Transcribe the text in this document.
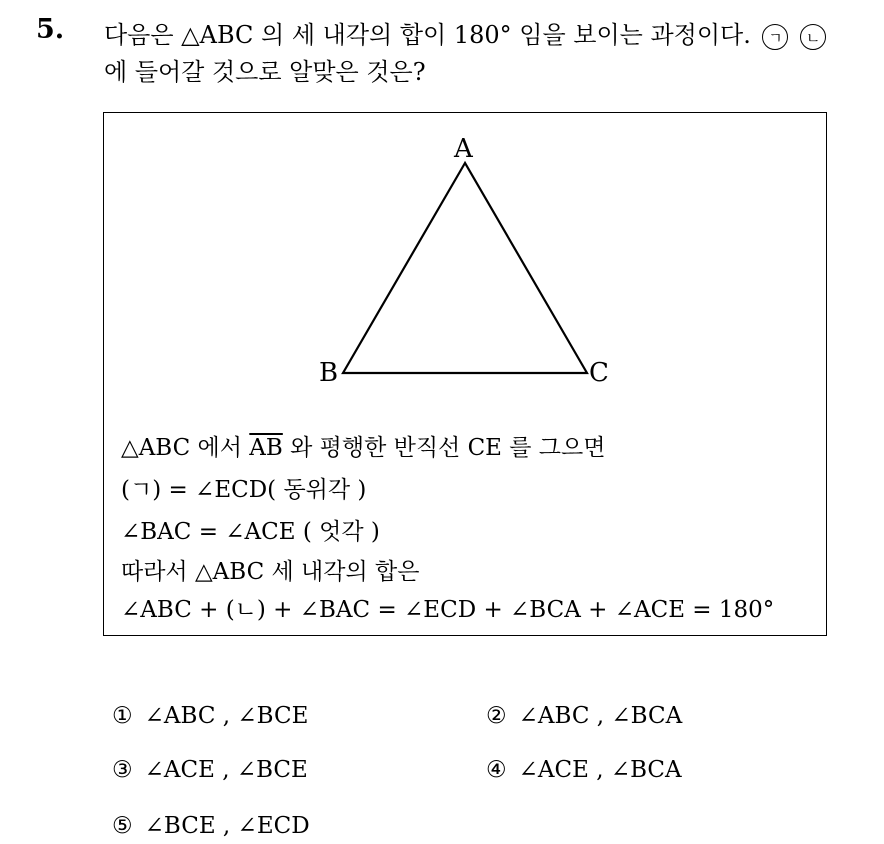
5. 다음은 △ABC 의 세 내각의 합이 180° 임을 보이는 과정이다. ㄱ ㄴ

에 들어갈 것으로 알맞은 것은?

A

B	C

△ABC 에서 $\overline{AB}$ 와 평행한 반직선 CE 를 그으면

(ㄱ) = ∠ECD( 동위각 )

∠BAC = ∠ACE ( 엇각 )

따라서 △ABC 세 내각의 합은

∠ABC + (ㄴ) + ∠BAC = ∠ECD + ∠BCA + ∠ACE = 180°

① ∠ABC , ∠BCE	② ∠ABC , ∠BCA

③ ∠ACE , ∠BCE	④ ∠ACE , ∠BCA

⑤ ∠BCE , ∠ECD
